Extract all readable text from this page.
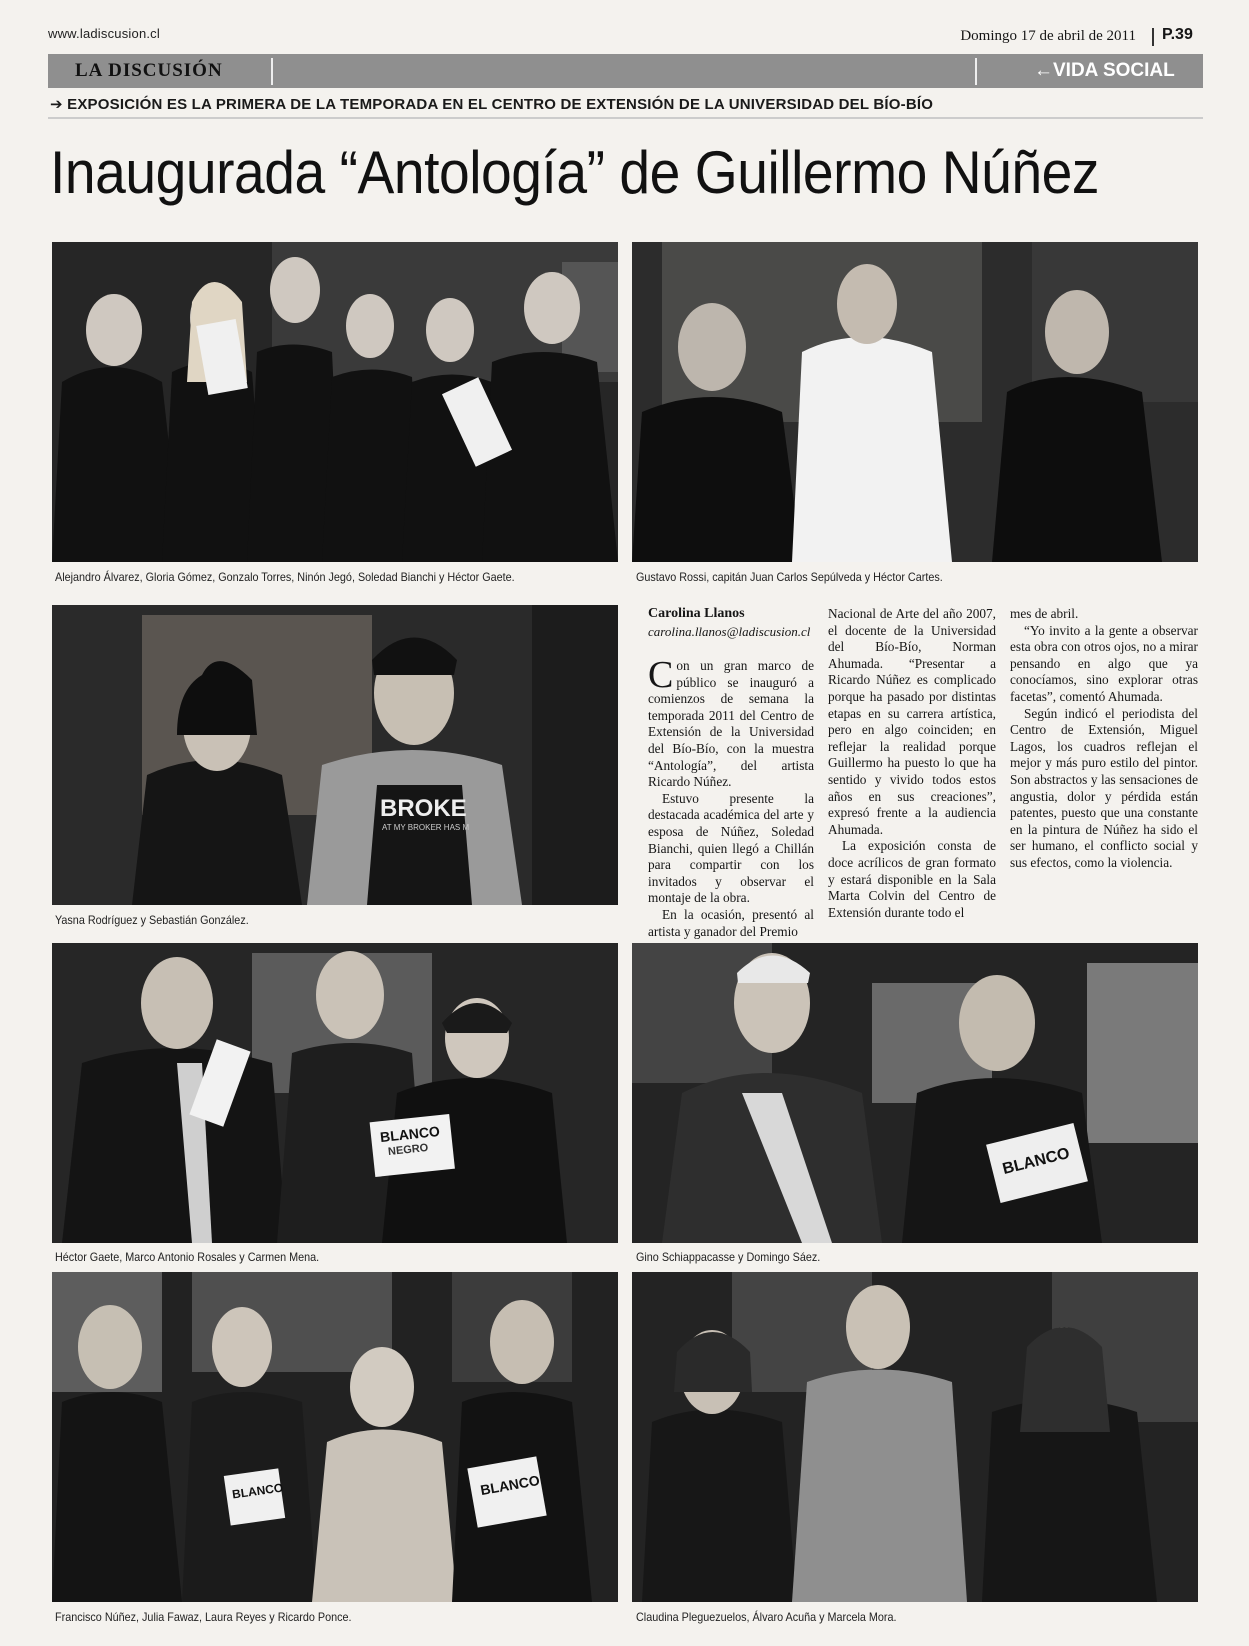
www.ladiscusion.cl	Domingo 17 de abril de 2011 P.39
LA DISCUSIÓN	←VIDA SOCIAL
➔ EXPOSICIÓN ES LA PRIMERA DE LA TEMPORADA EN EL CENTRO DE EXTENSIÓN DE LA UNIVERSIDAD DEL BÍO-BÍO
Inaugurada “Antología” de Guillermo Núñez
Alejandro Álvarez, Gloria Gómez, Gonzalo Torres, Ninón Jegó, Soledad Bianchi y Héctor Gaete.	Gustavo Rossi, capitán Juan Carlos Sepúlveda y Héctor Cartes.
BROKE
AT MY BROKER HAS M
Yasna Rodríguez y Sebastián González.
Carolina Llanos
carolina.llanos@ladiscusion.cl

Con un gran marco de público se inauguró a comienzos de semana la temporada 2011 del Centro de Extensión de la Universidad del Bío-Bío, con la muestra “Antología”, del artista Ricardo Núñez.

Estuvo presente la destacada académica del arte y esposa de Núñez, Soledad Bianchi, quien llegó a Chillán para compartir con los invitados y observar el montaje de la obra.

En la ocasión, presentó al artista y ganador del Premio

Nacional de Arte del año 2007, el docente de la Universidad del Bío-Bío, Norman Ahumada. “Presentar a Ricardo Núñez es complicado porque ha pasado por distintas etapas en su carrera artística, pero en algo coinciden; en reflejar la realidad porque Guillermo ha puesto lo que ha sentido y vivido todos estos años en sus creaciones”, expresó frente a la audiencia Ahumada.

La exposición consta de doce acrílicos de gran formato y estará disponible en la Sala Marta Colvin del Centro de Extensión durante todo el

mes de abril.

“Yo invito a la gente a observar esta obra con otros ojos, no a mirar pensando en algo que ya conocíamos, sino explorar otras facetas”, comentó Ahumada.

Según indicó el periodista del Centro de Extensión, Miguel Lagos, los cuadros reflejan el mejor y más puro estilo del pintor. Son abstractos y las sensaciones de angustia, dolor y pérdida están patentes, puesto que una constante en la pintura de Núñez ha sido el ser humano, el conflicto social y sus efectos, como la violencia.

BLANCO
NEGRO
Héctor Gaete, Marco Antonio Rosales y Carmen Mena.
BLANCO
Gino Schiappacasse y Domingo Sáez.
BLANCO	BLANCO
Francisco Núñez, Julia Fawaz, Laura Reyes y Ricardo Ponce.	Claudina Pleguezuelos, Álvaro Acuña y Marcela Mora.
